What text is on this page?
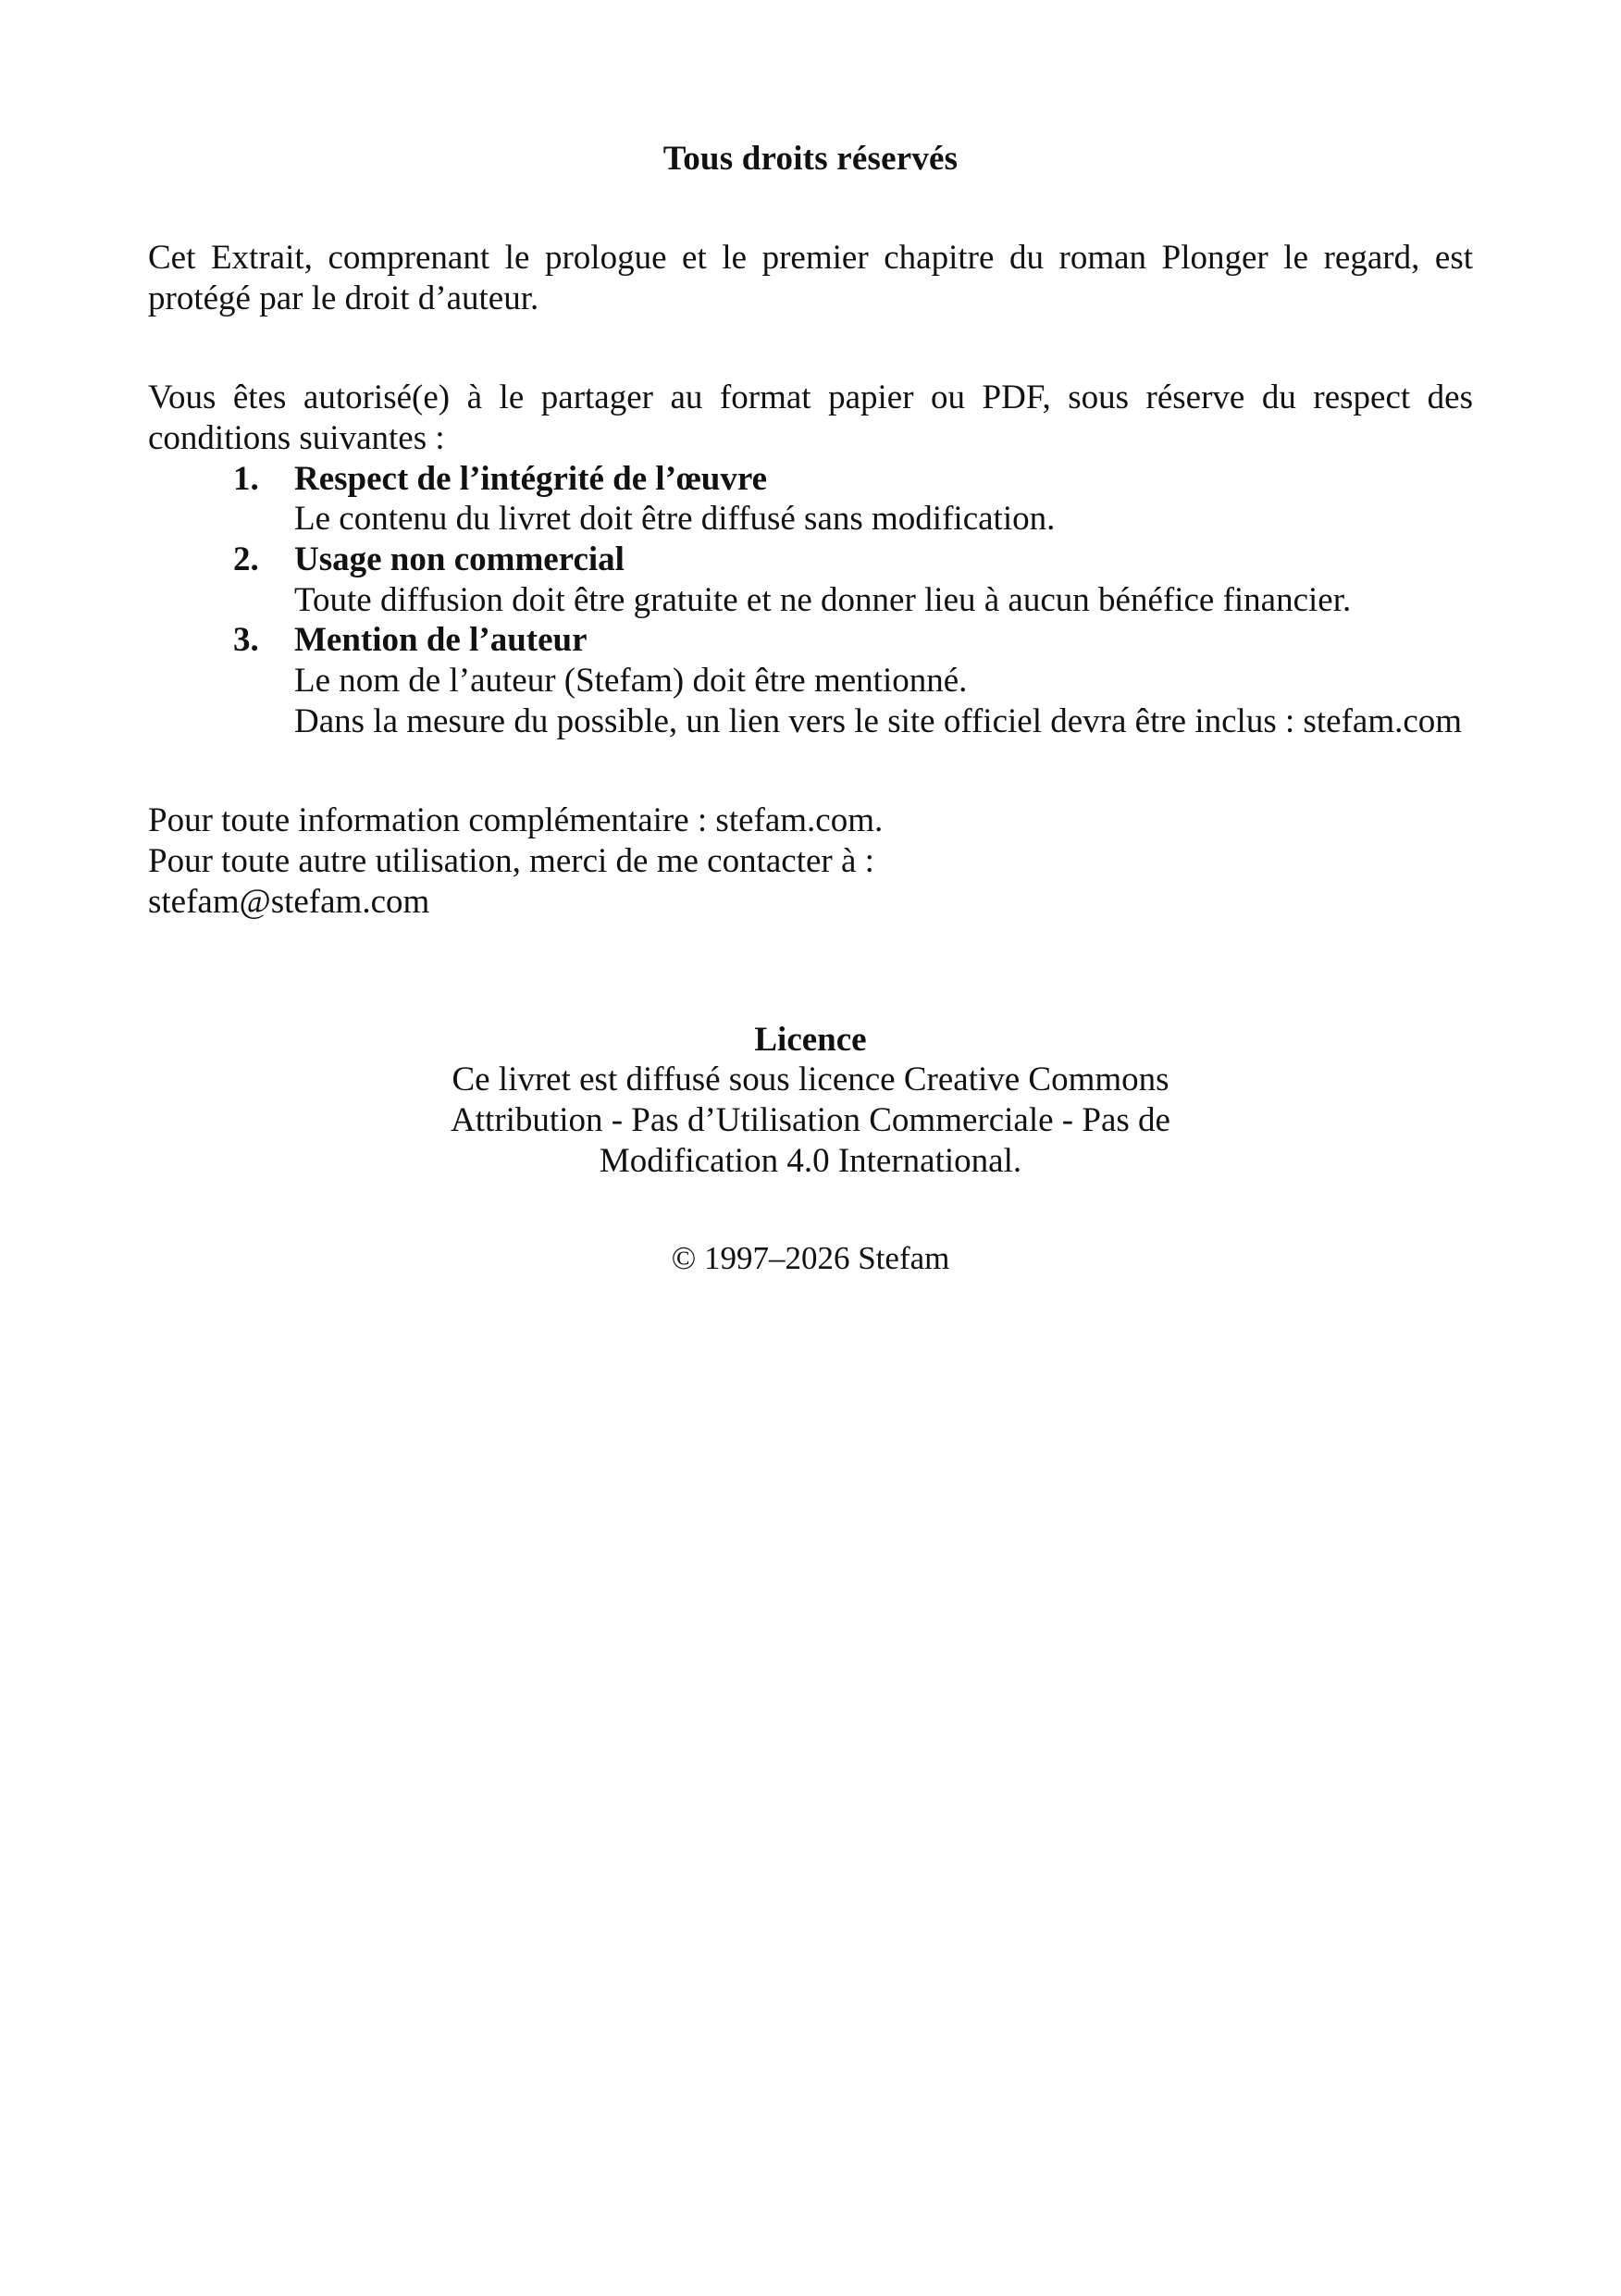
Tous droits réservés

Cet Extrait, comprenant le prologue et le premier chapitre du roman Plonger le regard, est protégé par le droit d’auteur.

Vous êtes autorisé(e) à le partager au format papier ou PDF, sous réserve du respect des conditions suivantes :

1. Respect de l’intégrité de l’œuvre
Le contenu du livret doit être diffusé sans modification.
2. Usage non commercial
Toute diffusion doit être gratuite et ne donner lieu à aucun bénéfice financier.
3. Mention de l’auteur
Le nom de l’auteur (Stefam) doit être mentionné.
Dans la mesure du possible, un lien vers le site officiel devra être inclus : stefam.com

Pour toute information complémentaire : stefam.com.

Pour toute autre utilisation, merci de me contacter à :

stefam@stefam.com

Licence

Ce livret est diffusé sous licence Creative Commons

Attribution - Pas d’Utilisation Commerciale - Pas de

Modification 4.0 International.

© 1997–2026 Stefam
